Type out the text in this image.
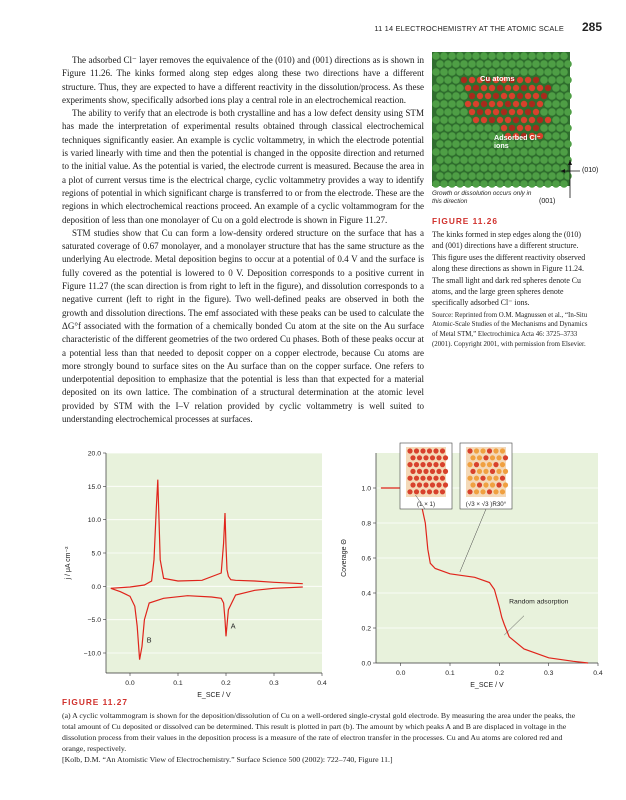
11 14 ELECTROCHEMISTRY AT THE ATOMIC SCALE 285

The adsorbed Cl⁻ layer removes the equivalence of the (010) and (001) directions as is shown in Figure 11.26. The kinks formed along step edges along these two directions have a different structure. Thus, they are expected to have a different reactivity in the dissolution/process. As these experiments show, specifically adsorbed ions play a central role in an electrochemical reaction.

The ability to verify that an electrode is both crystalline and has a low defect density using STM has made the interpretation of experimental results obtained through classical electrochemical techniques significantly easier. An example is cyclic voltammetry, in which the electrode potential is varied linearly with time and then the potential is changed in the opposite direction and returned to the initial value. As the potential is varied, the electrode current is measured. Because the area in a plot of current versus time is the electrical charge, cyclic voltammetry provides a way to identify regions of potential in which significant charge is transferred to or from the electrode. These are the regions in which electrochemical reactions proceed. An example of a cyclic voltammogram for the deposition of less than one monolayer of Cu on a gold electrode is shown in Figure 11.27.

STM studies show that Cu can form a low-density ordered structure on the surface that has a saturated coverage of 0.67 monolayer, and a monolayer structure that has the same structure as the underlying Au electrode. Metal deposition begins to occur at a potential of 0.4 V and the surface is fully covered as the potential is lowered to 0 V. Deposition corresponds to a positive current in Figure 11.27 (the scan direction is from right to left in the figure), and dissolution corresponds to a negative current (left to right in the figure). Two well-defined peaks are observed in both the growth and dissolution directions. The emf associated with these peaks can be used to calculate the ΔG°f associated with the formation of a chemically bonded Cu atom at the site on the Au surface characteristic of the different geometries of the two ordered Cu phases. Both of these peaks occur at a potential less than that needed to deposit copper on a copper electrode, because Cu atoms are more strongly bound to surface sites on the Au surface than on the copper surface. One refers to underpotential deposition to emphasize that the potential is less than that expected for a material deposited on its own lattice. The combination of a structural determination at the atomic level provided by STM with the I–V relation provided by cyclic voltammetry is well suited to understanding electrochemical processes at surfaces.

Cu atoms
Adsorbed Cl⁻ ions
(010)
(001)
Growth or dissolution occurs only in this direction
FIGURE 11.26
The kinks formed in step edges along the (010) and (001) directions have a different structure. This figure uses the different reactivity observed along these directions as shown in Figure 11.24. The small light and dark red spheres denote Cu atoms, and the large green spheres denote specifically adsorbed Cl⁻ ions.
Source: Reprinted from O.M. Magnussen et al., “In-Situ Atomic-Scale Studies of the Mechanisms and Dynamics of Metal STM,” Electrochimica Acta 46: 3725–3733 (2001). Copyright 2001, with permission from Elsevier.
20.0
15.0
10.0
5.0
0.0
−5.0
−10.0
0.0	0.1	0.2	0.3	0.4
E_SCE / V
j / μA cm⁻²
A
B
1.0
0.8
0.6
0.4
0.2
0.0
0.0	0.1	0.2	0.3	0.4
E_SCE / V
Coverage Θ
(1 × 1)	(√3 × √3 )R30°
Random adsorption
FIGURE 11.27
(a) A cyclic voltammogram is shown for the deposition/dissolution of Cu on a well-ordered single-crystal gold electrode. By measuring the area under the peaks, the total amount of Cu deposited or dissolved can be determined. This result is plotted in part (b). The amount by which peaks A and B are displaced in voltage in the dissolution process from their values in the deposition process is a measure of the rate of electron transfer in the processes. Cu and Au atoms are colored red and orange, respectively.
[Kolb, D.M. “An Atomistic View of Electrochemistry.” Surface Science 500 (2002): 722–740, Figure 11.]
